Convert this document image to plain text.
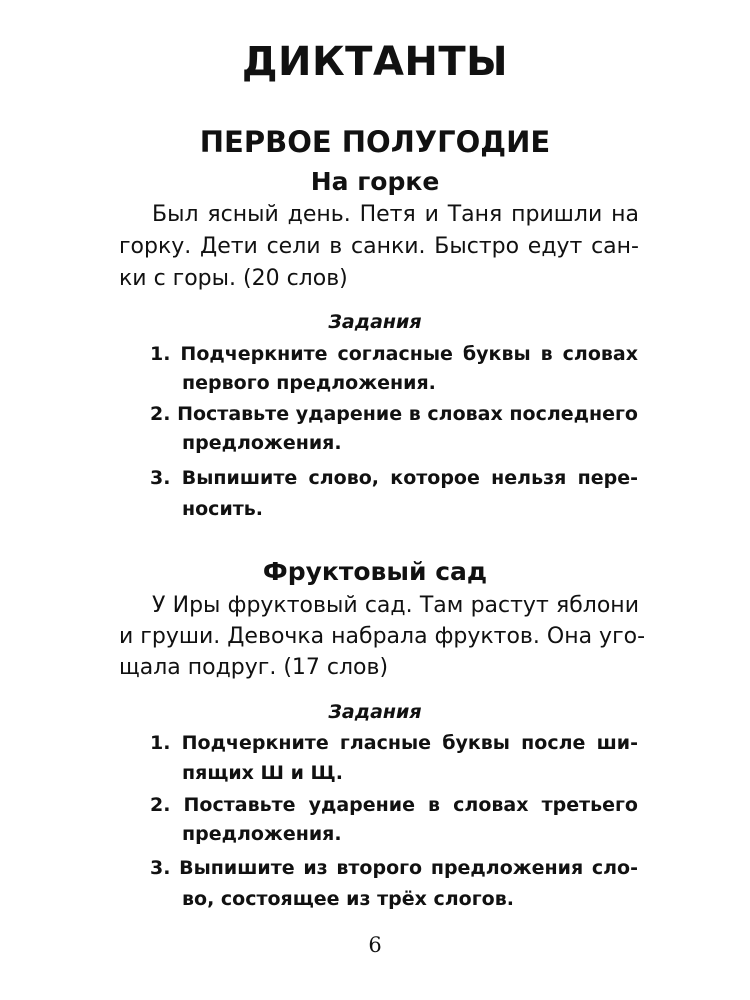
ДИКТАНТЫ
ПЕРВОЕ ПОЛУГОДИЕ
На горке
Был ясный день. Петя и Таня пришли на
горку. Дети сели в санки. Быстро едут сан-
ки с горы. (20 слов)
Задания
1. Подчеркните согласные буквы в словах
первого предложения.
2. Поставьте ударение в словах последнего
предложения.
3. Выпишите слово, которое нельзя пере-
носить.
Фруктовый сад
У Иры фруктовый сад. Там растут яблони
и груши. Девочка набрала фруктов. Она уго-
щала подруг. (17 слов)
Задания
1. Подчеркните гласные буквы после ши-
пящих Ш и Щ.
2. Поставьте ударение в словах третьего
предложения.
3. Выпишите из второго предложения сло-
во, состоящее из трёх слогов.
6
